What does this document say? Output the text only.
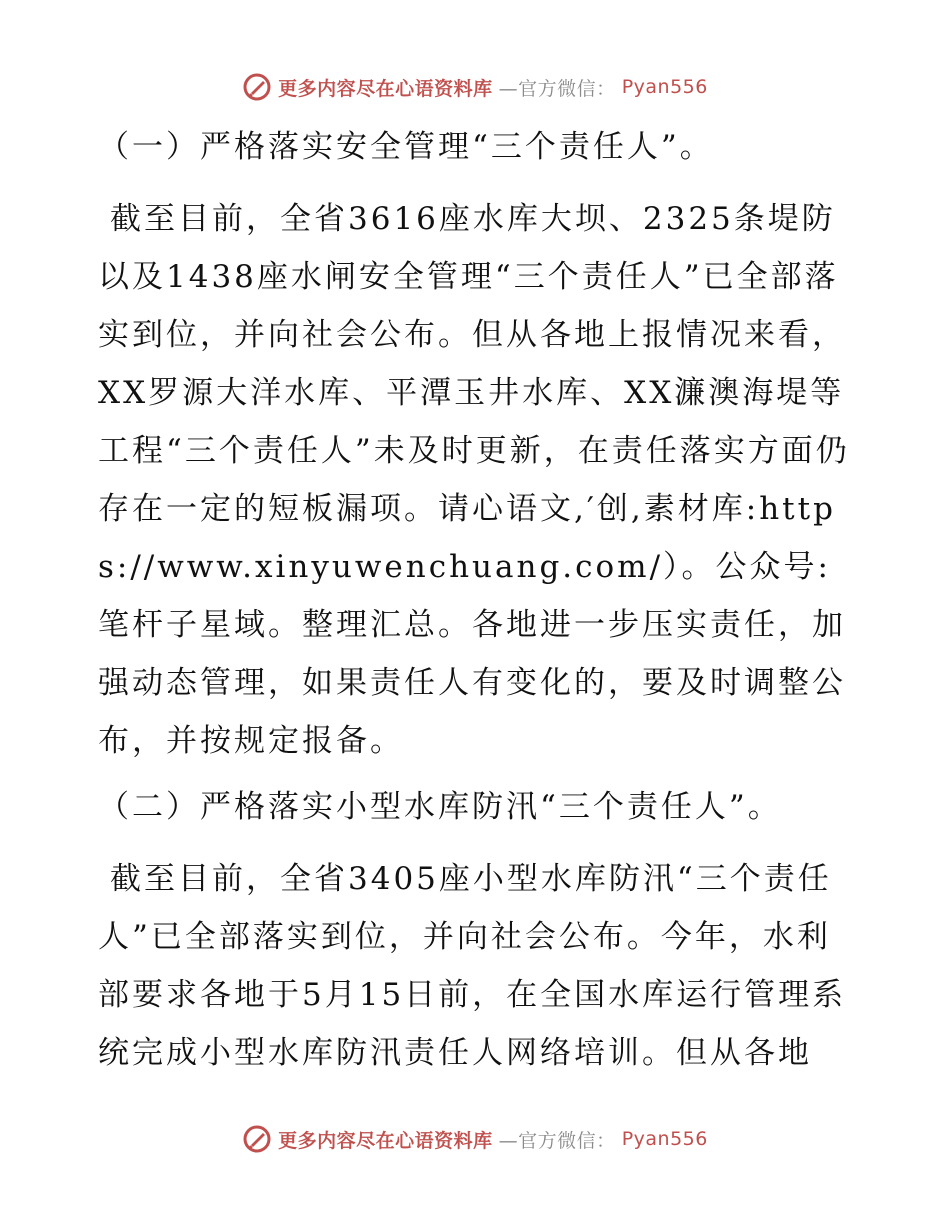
更多内容尽在心语资料库 —官方微信： Pyan556

（一）严格落实安全管理“三个责任人”。

截至目前，全省3616座水库大坝、2325条堤防以及1438座水闸安全管理“三个责任人”已全部落实到位，并向社会公布。但从各地上报情况来看，XX罗源大洋水库、平潭玉井水库、XX濂澳海堤等工程“三个责任人”未及时更新，在责任落实方面仍存在一定的短板漏项。请心语文,′创,素材库:https://www.xinyuwenchuang.com/）。公众号:笔杆子星域。整理汇总。各地进一步压实责任，加强动态管理，如果责任人有变化的，要及时调整公布，并按规定报备。

（二）严格落实小型水库防汛“三个责任人”。

截至目前，全省3405座小型水库防汛“三个责任人”已全部落实到位，并向社会公布。今年，水利部要求各地于5月15日前，在全国水库运行管理系统完成小型水库防汛责任人网络培训。但从各地

更多内容尽在心语资料库 —官方微信： Pyan556
